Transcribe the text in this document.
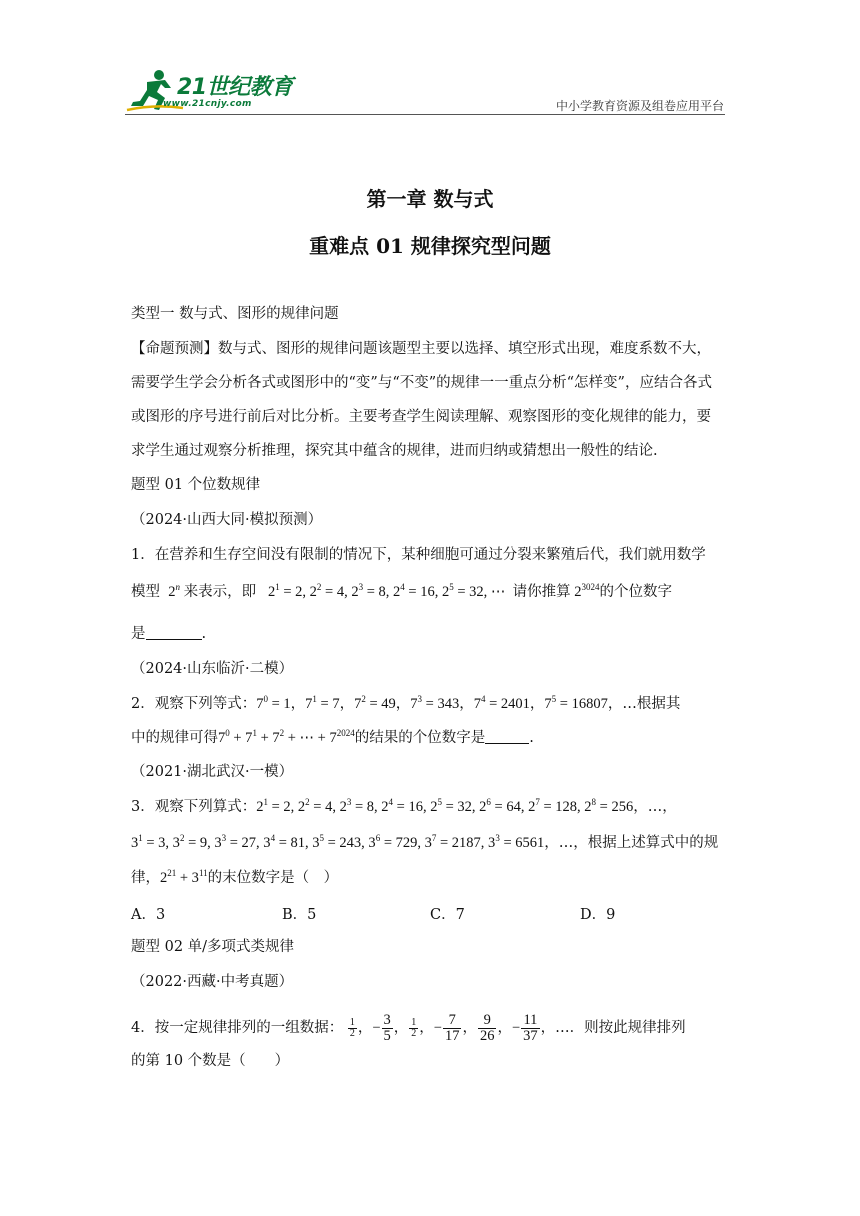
21世纪教育
www.21cnjy.com	中小学教育资源及组卷应用平台
第一章 数与式
重难点 01 规律探究型问题
类型一 数与式、图形的规律问题
【命题预测】数与式、图形的规律问题该题型主要以选择、填空形式出现，难度系数不大，
需要学生学会分析各式或图形中的“变”与“不变”的规律一一重点分析“怎样变”，应结合各式
或图形的序号进行前后对比分析。主要考查学生阅读理解、观察图形的变化规律的能力，要
求学生通过观察分析推理，探究其中蕴含的规律，进而归纳或猜想出一般性的结论.
题型 01 个位数规律
（2024·山西大同·模拟预测）
1．在营养和生存空间没有限制的情况下，某种细胞可通过分裂来繁殖后代，我们就用数学
模型  2$^n$ 来表示，即   $2^1 = 2$, $2^2 = 4$, $2^3 = 8$, $2^4 = 16$, $2^5 = 32$, ⋯  请你推算 $2^{3024}$的个位数字
是	.
（2024·山东临沂·二模）
2．观察下列等式：$7^0 = 1$，$7^1 = 7$，$7^2 = 49$，$7^3 = 343$，$7^4 = 2401$，$7^5 = 16807$，…根据其
中的规律可得$7^0 + 7^1 + 7^2$ + ⋯ + $7^{2024}$的结果的个位数字是	.
（2021·湖北武汉·一模）
3．观察下列算式：$2^1 = 2$, $2^2 = 4$, $2^3 = 8$, $2^4 = 16$, $2^5 = 32$, $2^6 = 64$, $2^7 = 128$, $2^8 = 256$，…，
$3^1 = 3$, $3^2 = 9$, $3^3 = 27$, $3^4 = 81$, $3^5 = 243$, $3^6 = 729$, $3^7 = 2187$, $3^3 = 6561$，…，根据上述算式中的规
律，$2^{21} + 3^{11}$的末位数字是（　）
A．3	B．5	C．7	D．9
题型 02 单/多项式类规律
（2022·西藏·中考真题）
4．按一定规律排列的一组数据： $\frac{1}{2}$ ，− $\frac{3}{5}$ ， $\frac{1}{2}$ ，− $\frac{7}{17}$ ， $\frac{9}{26}$ ，− $\frac{11}{37}$ ，…．则按此规律排列
的第 10 个数是（　　）
